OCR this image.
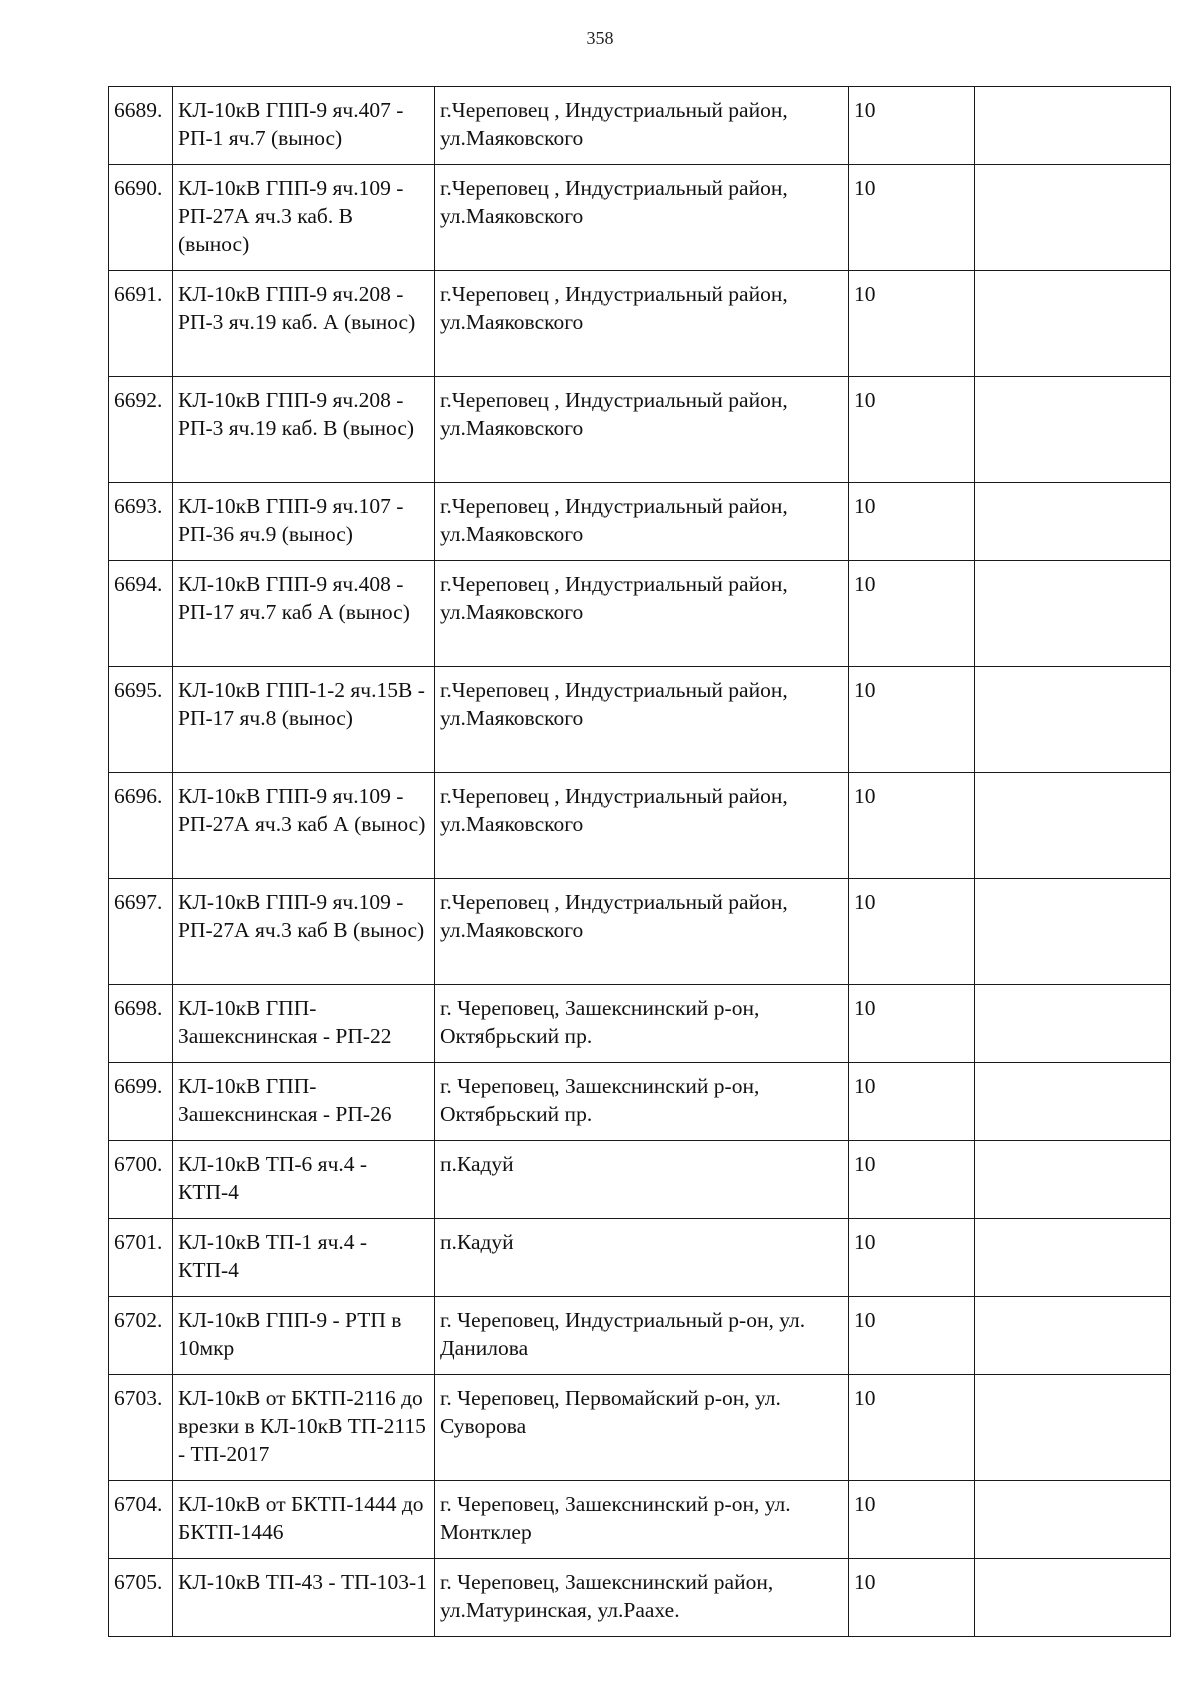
358
6689.	КЛ-10кВ ГПП-9 яч.407 - РП-1 яч.7 (вынос)	г.Череповец , Индустриальный район, ул.Маяковского	10	
6690.	КЛ-10кВ ГПП-9 яч.109 - РП-27А яч.3 каб. В (вынос)	г.Череповец , Индустриальный район, ул.Маяковского	10	
6691.	КЛ-10кВ ГПП-9 яч.208 - РП-3 яч.19 каб. А (вынос)	г.Череповец , Индустриальный район, ул.Маяковского	10	
6692.	КЛ-10кВ ГПП-9 яч.208 - РП-3 яч.19 каб. В (вынос)	г.Череповец , Индустриальный район, ул.Маяковского	10	
6693.	КЛ-10кВ ГПП-9 яч.107 - РП-36 яч.9 (вынос)	г.Череповец , Индустриальный район, ул.Маяковского	10	
6694.	КЛ-10кВ ГПП-9 яч.408 - РП-17 яч.7 каб А (вынос)	г.Череповец , Индустриальный район, ул.Маяковского	10	
6695.	КЛ-10кВ ГПП-1-2 яч.15В - РП-17 яч.8 (вынос)	г.Череповец , Индустриальный район, ул.Маяковского	10	
6696.	КЛ-10кВ ГПП-9 яч.109 - РП-27А яч.3 каб А (вынос)	г.Череповец , Индустриальный район, ул.Маяковского	10	
6697.	КЛ-10кВ ГПП-9 яч.109 - РП-27А яч.3 каб В (вынос)	г.Череповец , Индустриальный район, ул.Маяковского	10	
6698.	КЛ-10кВ ГПП-Зашекснинская - РП-22	г. Череповец, Зашекснинский р-он, Октябрьский пр.	10	
6699.	КЛ-10кВ ГПП-Зашекснинская - РП-26	г. Череповец, Зашекснинский р-он, Октябрьский пр.	10	
6700.	КЛ-10кВ ТП-6 яч.4 - КТП-4	п.Кадуй	10	
6701.	КЛ-10кВ ТП-1 яч.4 - КТП-4	п.Кадуй	10	
6702.	КЛ-10кВ ГПП-9 - РТП в 10мкр	г. Череповец, Индустриальный р-он, ул. Данилова	10	
6703.	КЛ-10кВ от БКТП-2116 до врезки в КЛ-10кВ ТП-2115 - ТП-2017	г. Череповец, Первомайский р-он, ул. Суворова	10	
6704.	КЛ-10кВ от БКТП-1444 до БКТП-1446	г. Череповец, Зашекснинский р-он, ул. Монтклер	10	
6705.	КЛ-10кВ ТП-43 - ТП-103-1	г. Череповец, Зашекснинский район, ул.Матуринская, ул.Раахе.	10	
